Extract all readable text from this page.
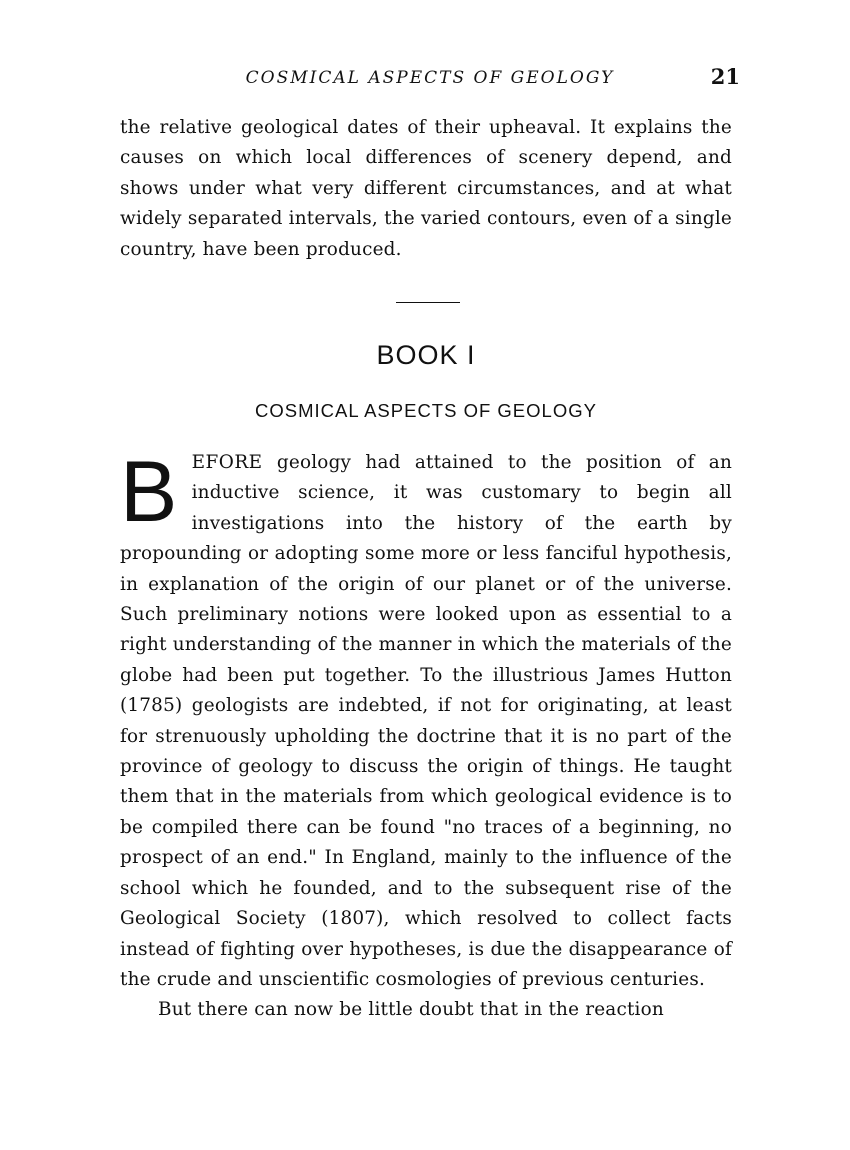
COSMICAL ASPECTS OF GEOLOGY	21

the relative geological dates of their upheaval. It explains the causes on which local differences of scenery depend, and shows under what very different circumstances, and at what widely separated intervals, the varied contours, even of a single country, have been produced.

BOOK I
COSMICAL ASPECTS OF GEOLOGY

BEFORE geology had attained to the position of an inductive science, it was customary to begin all investigations into the history of the earth by propounding or adopting some more or less fanciful hypothesis, in explanation of the origin of our planet or of the universe. Such preliminary notions were looked upon as essential to a right understanding of the manner in which the materials of the globe had been put together. To the illustrious James Hutton (1785) geologists are indebted, if not for originating, at least for strenuously upholding the doctrine that it is no part of the province of geology to discuss the origin of things. He taught them that in the materials from which geological evidence is to be compiled there can be found "no traces of a beginning, no prospect of an end." In England, mainly to the influence of the school which he founded, and to the subsequent rise of the Geological Society (1807), which resolved to collect facts instead of fighting over hypotheses, is due the disappearance of the crude and unscientific cosmologies of previous centuries.

But there can now be little doubt that in the reaction
